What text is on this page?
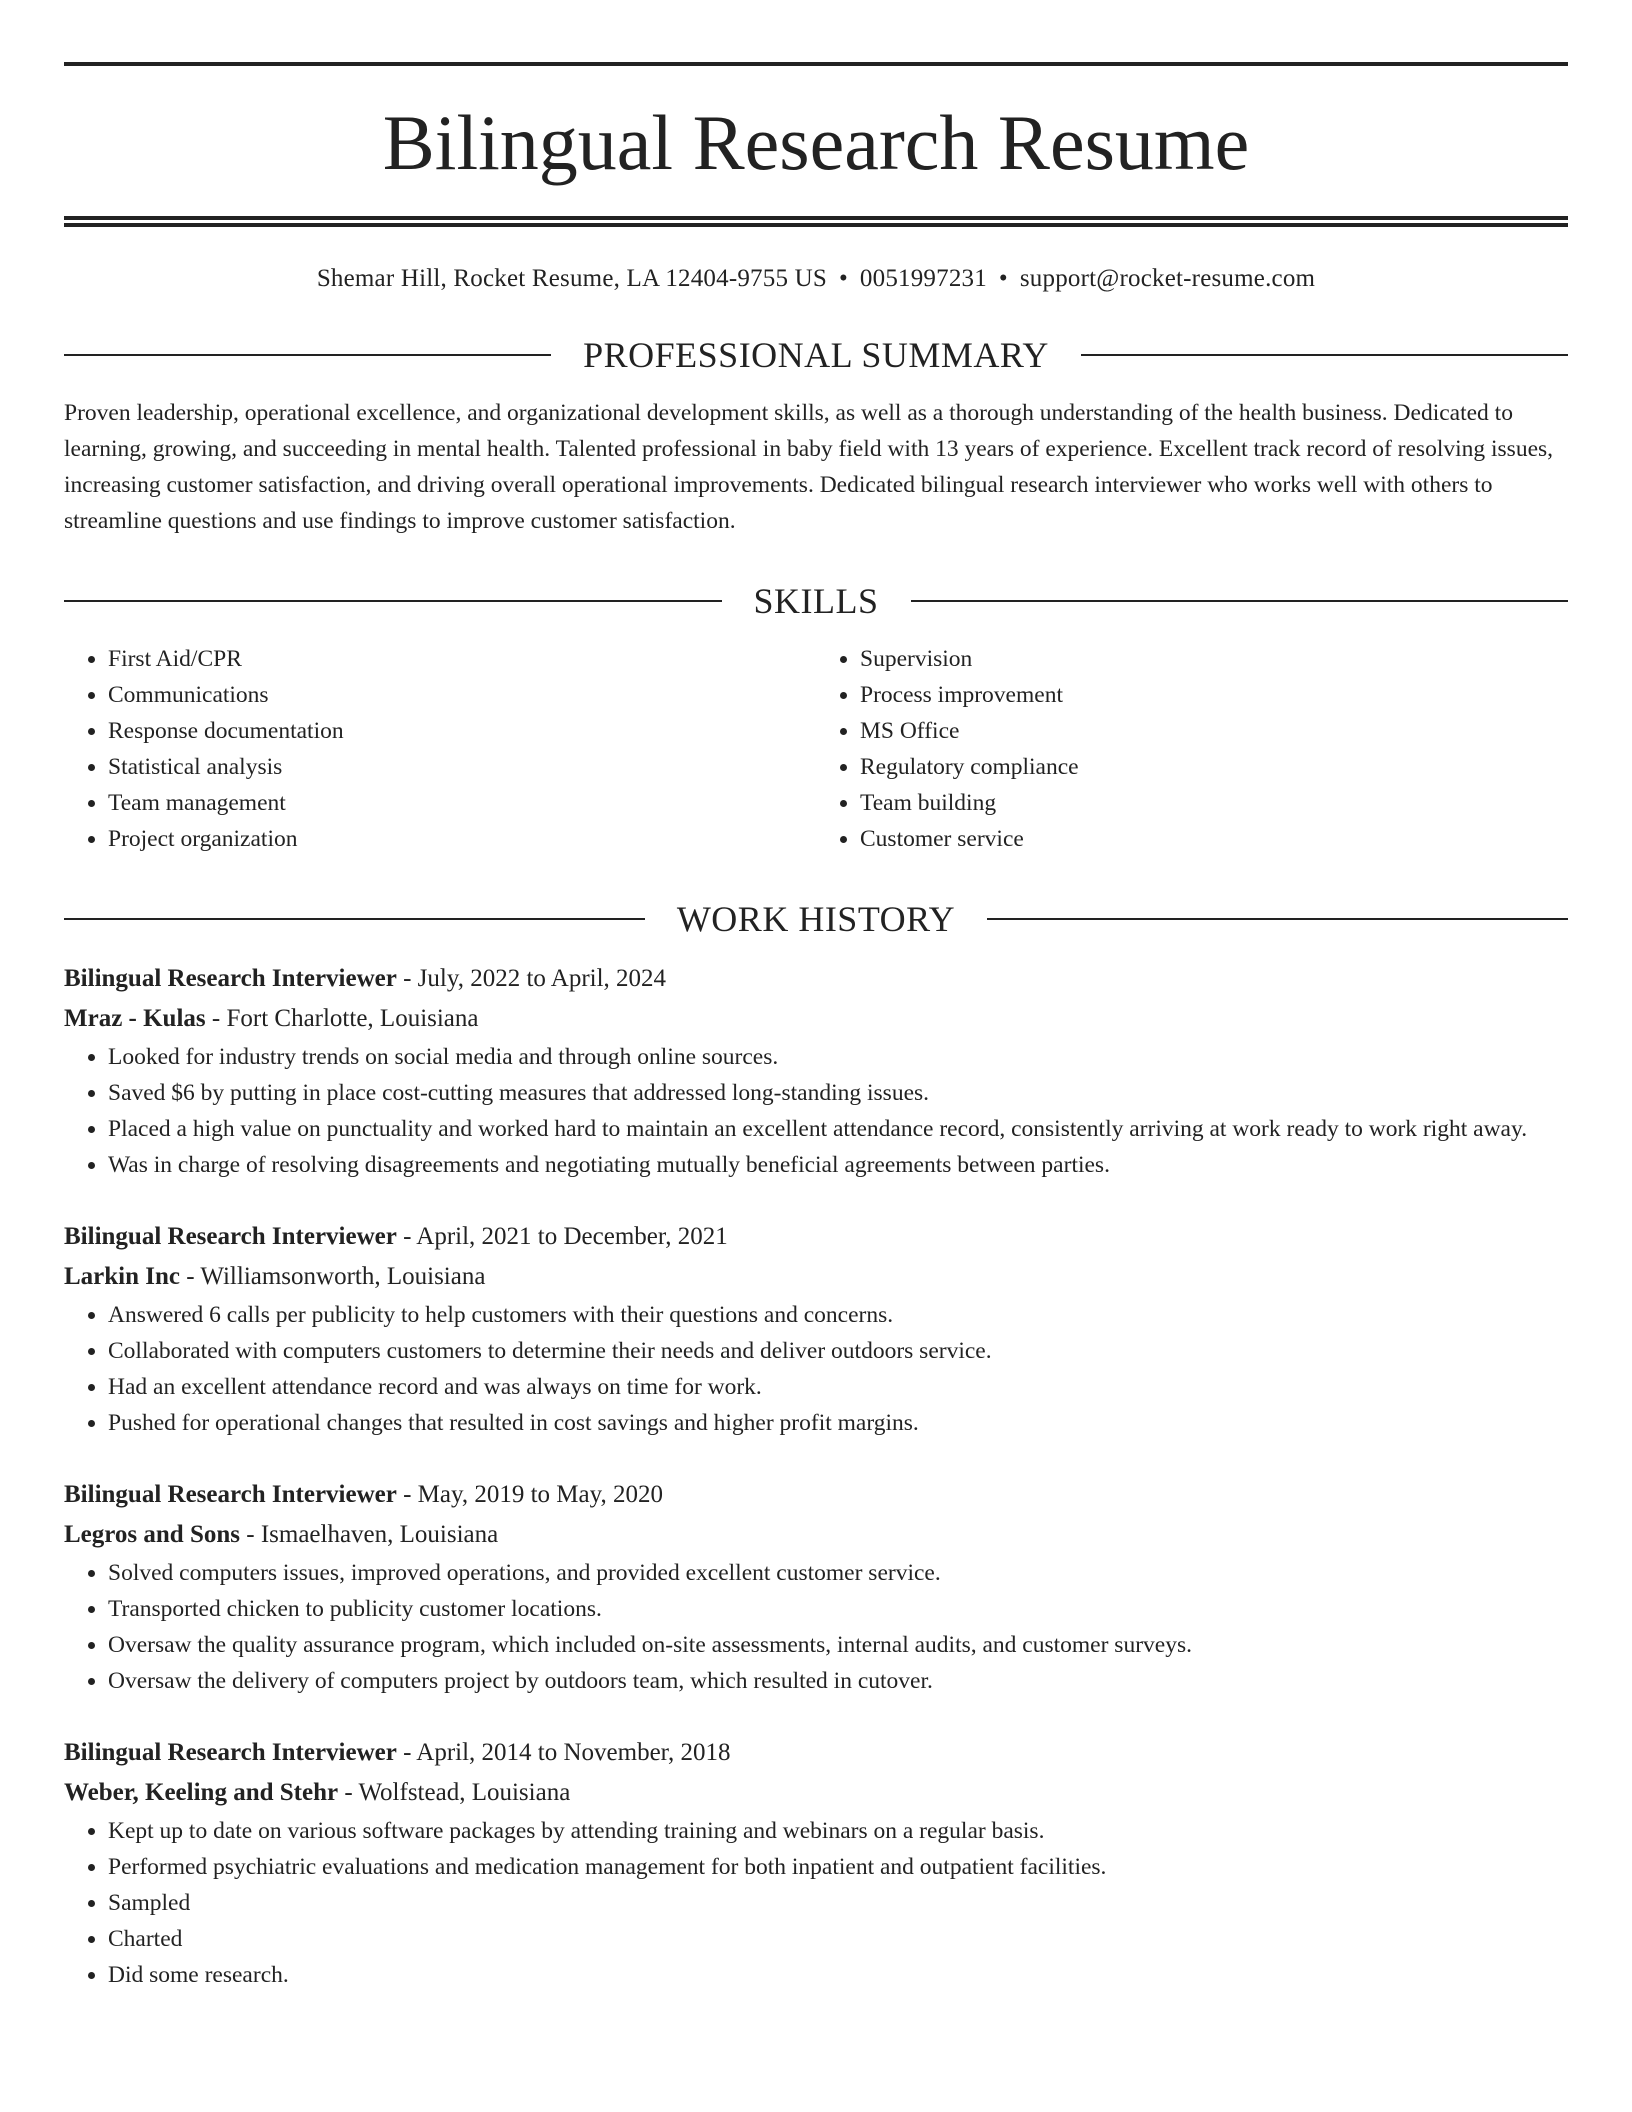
Bilingual Research Resume
Shemar Hill, Rocket Resume, LA 12404-9755 US • 0051997231 • support@rocket-resume.com
PROFESSIONAL SUMMARY

Proven leadership, operational excellence, and organizational development skills, as well as a thorough understanding of the health business. Dedicated to learning, growing, and succeeding in mental health. Talented professional in baby field with 13 years of experience. Excellent track record of resolving issues, increasing customer satisfaction, and driving overall operational improvements. Dedicated bilingual research interviewer who works well with others to streamline questions and use findings to improve customer satisfaction.

SKILLS
• First Aid/CPR
• Communications
• Response documentation
• Statistical analysis
• Team management
• Project organization
• Supervision
• Process improvement
• MS Office
• Regulatory compliance
• Team building
• Customer service
WORK HISTORY
Bilingual Research Interviewer - July, 2022 to April, 2024
Mraz - Kulas - Fort Charlotte, Louisiana
• Looked for industry trends on social media and through online sources.
• Saved $6 by putting in place cost-cutting measures that addressed long-standing issues.
• Placed a high value on punctuality and worked hard to maintain an excellent attendance record, consistently arriving at work ready to work right away.
• Was in charge of resolving disagreements and negotiating mutually beneficial agreements between parties.
Bilingual Research Interviewer - April, 2021 to December, 2021
Larkin Inc - Williamsonworth, Louisiana
• Answered 6 calls per publicity to help customers with their questions and concerns.
• Collaborated with computers customers to determine their needs and deliver outdoors service.
• Had an excellent attendance record and was always on time for work.
• Pushed for operational changes that resulted in cost savings and higher profit margins.
Bilingual Research Interviewer - May, 2019 to May, 2020
Legros and Sons - Ismaelhaven, Louisiana
• Solved computers issues, improved operations, and provided excellent customer service.
• Transported chicken to publicity customer locations.
• Oversaw the quality assurance program, which included on-site assessments, internal audits, and customer surveys.
• Oversaw the delivery of computers project by outdoors team, which resulted in cutover.
Bilingual Research Interviewer - April, 2014 to November, 2018
Weber, Keeling and Stehr - Wolfstead, Louisiana
• Kept up to date on various software packages by attending training and webinars on a regular basis.
• Performed psychiatric evaluations and medication management for both inpatient and outpatient facilities.
• Sampled
• Charted
• Did some research.
